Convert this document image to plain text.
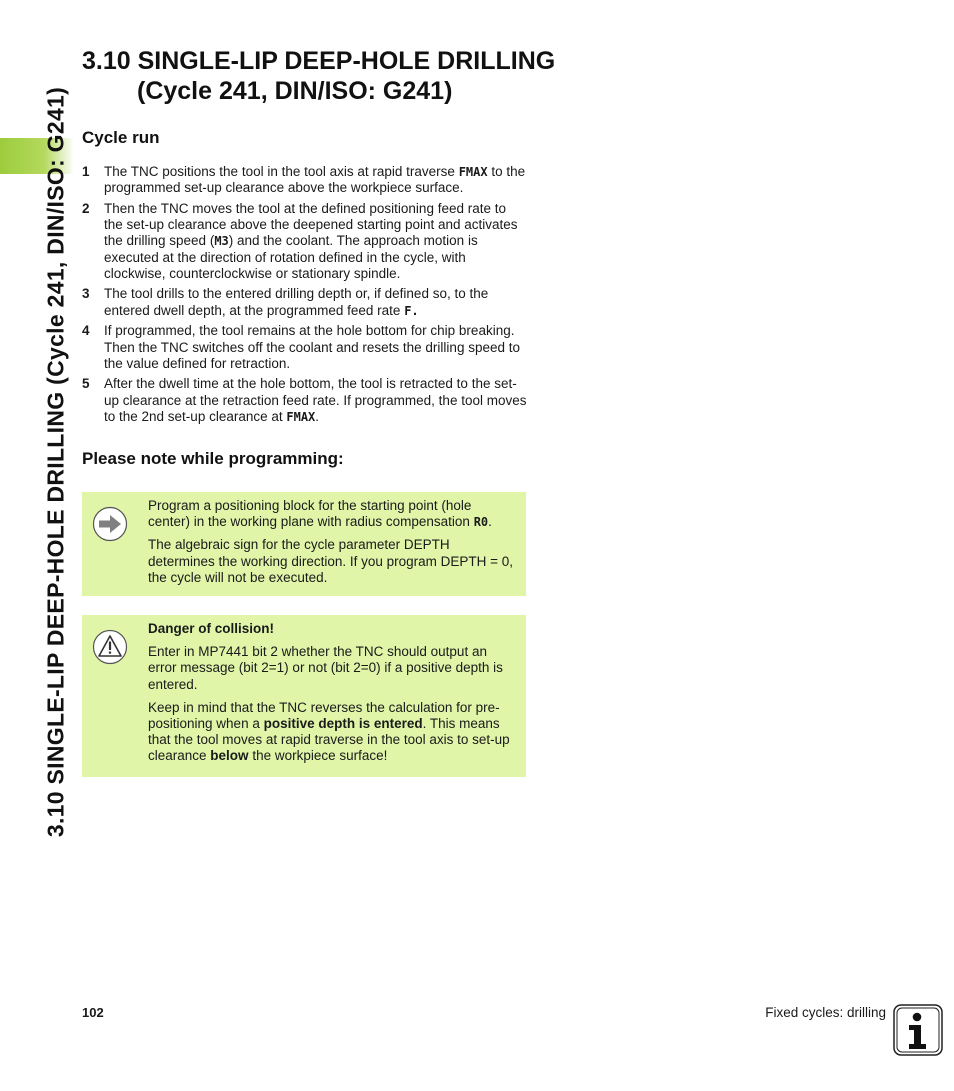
3.10 SINGLE-LIP DEEP-HOLE DRILLING (Cycle 241, DIN/ISO: G241)
3.10 SINGLE-LIP DEEP-HOLE DRILLING
(Cycle 241, DIN/ISO: G241)
Cycle run
1 The TNC positions the tool in the tool axis at rapid traverse FMAX to the programmed set-up clearance above the workpiece surface.
2 Then the TNC moves the tool at the defined positioning feed rate to the set-up clearance above the deepened starting point and activates the drilling speed (M3) and the coolant. The approach motion is executed at the direction of rotation defined in the cycle, with clockwise, counterclockwise or stationary spindle.
3 The tool drills to the entered drilling depth or, if defined so, to the entered dwell depth, at the programmed feed rate F.
4 If programmed, the tool remains at the hole bottom for chip breaking. Then the TNC switches off the coolant and resets the drilling speed to the value defined for retraction.
5 After the dwell time at the hole bottom, the tool is retracted to the set-up clearance at the retraction feed rate. If programmed, the tool moves to the 2nd set-up clearance at FMAX.
Please note while programming:

Program a positioning block for the starting point (hole center) in the working plane with radius compensation R0.

The algebraic sign for the cycle parameter DEPTH determines the working direction. If you program DEPTH = 0, the cycle will not be executed.

Danger of collision!

Enter in MP7441 bit 2 whether the TNC should output an error message (bit 2=1) or not (bit 2=0) if a positive depth is entered.

Keep in mind that the TNC reverses the calculation for pre-positioning when a positive depth is entered. This means that the tool moves at rapid traverse in the tool axis to set-up clearance below the workpiece surface!

102	Fixed cycles: drilling
